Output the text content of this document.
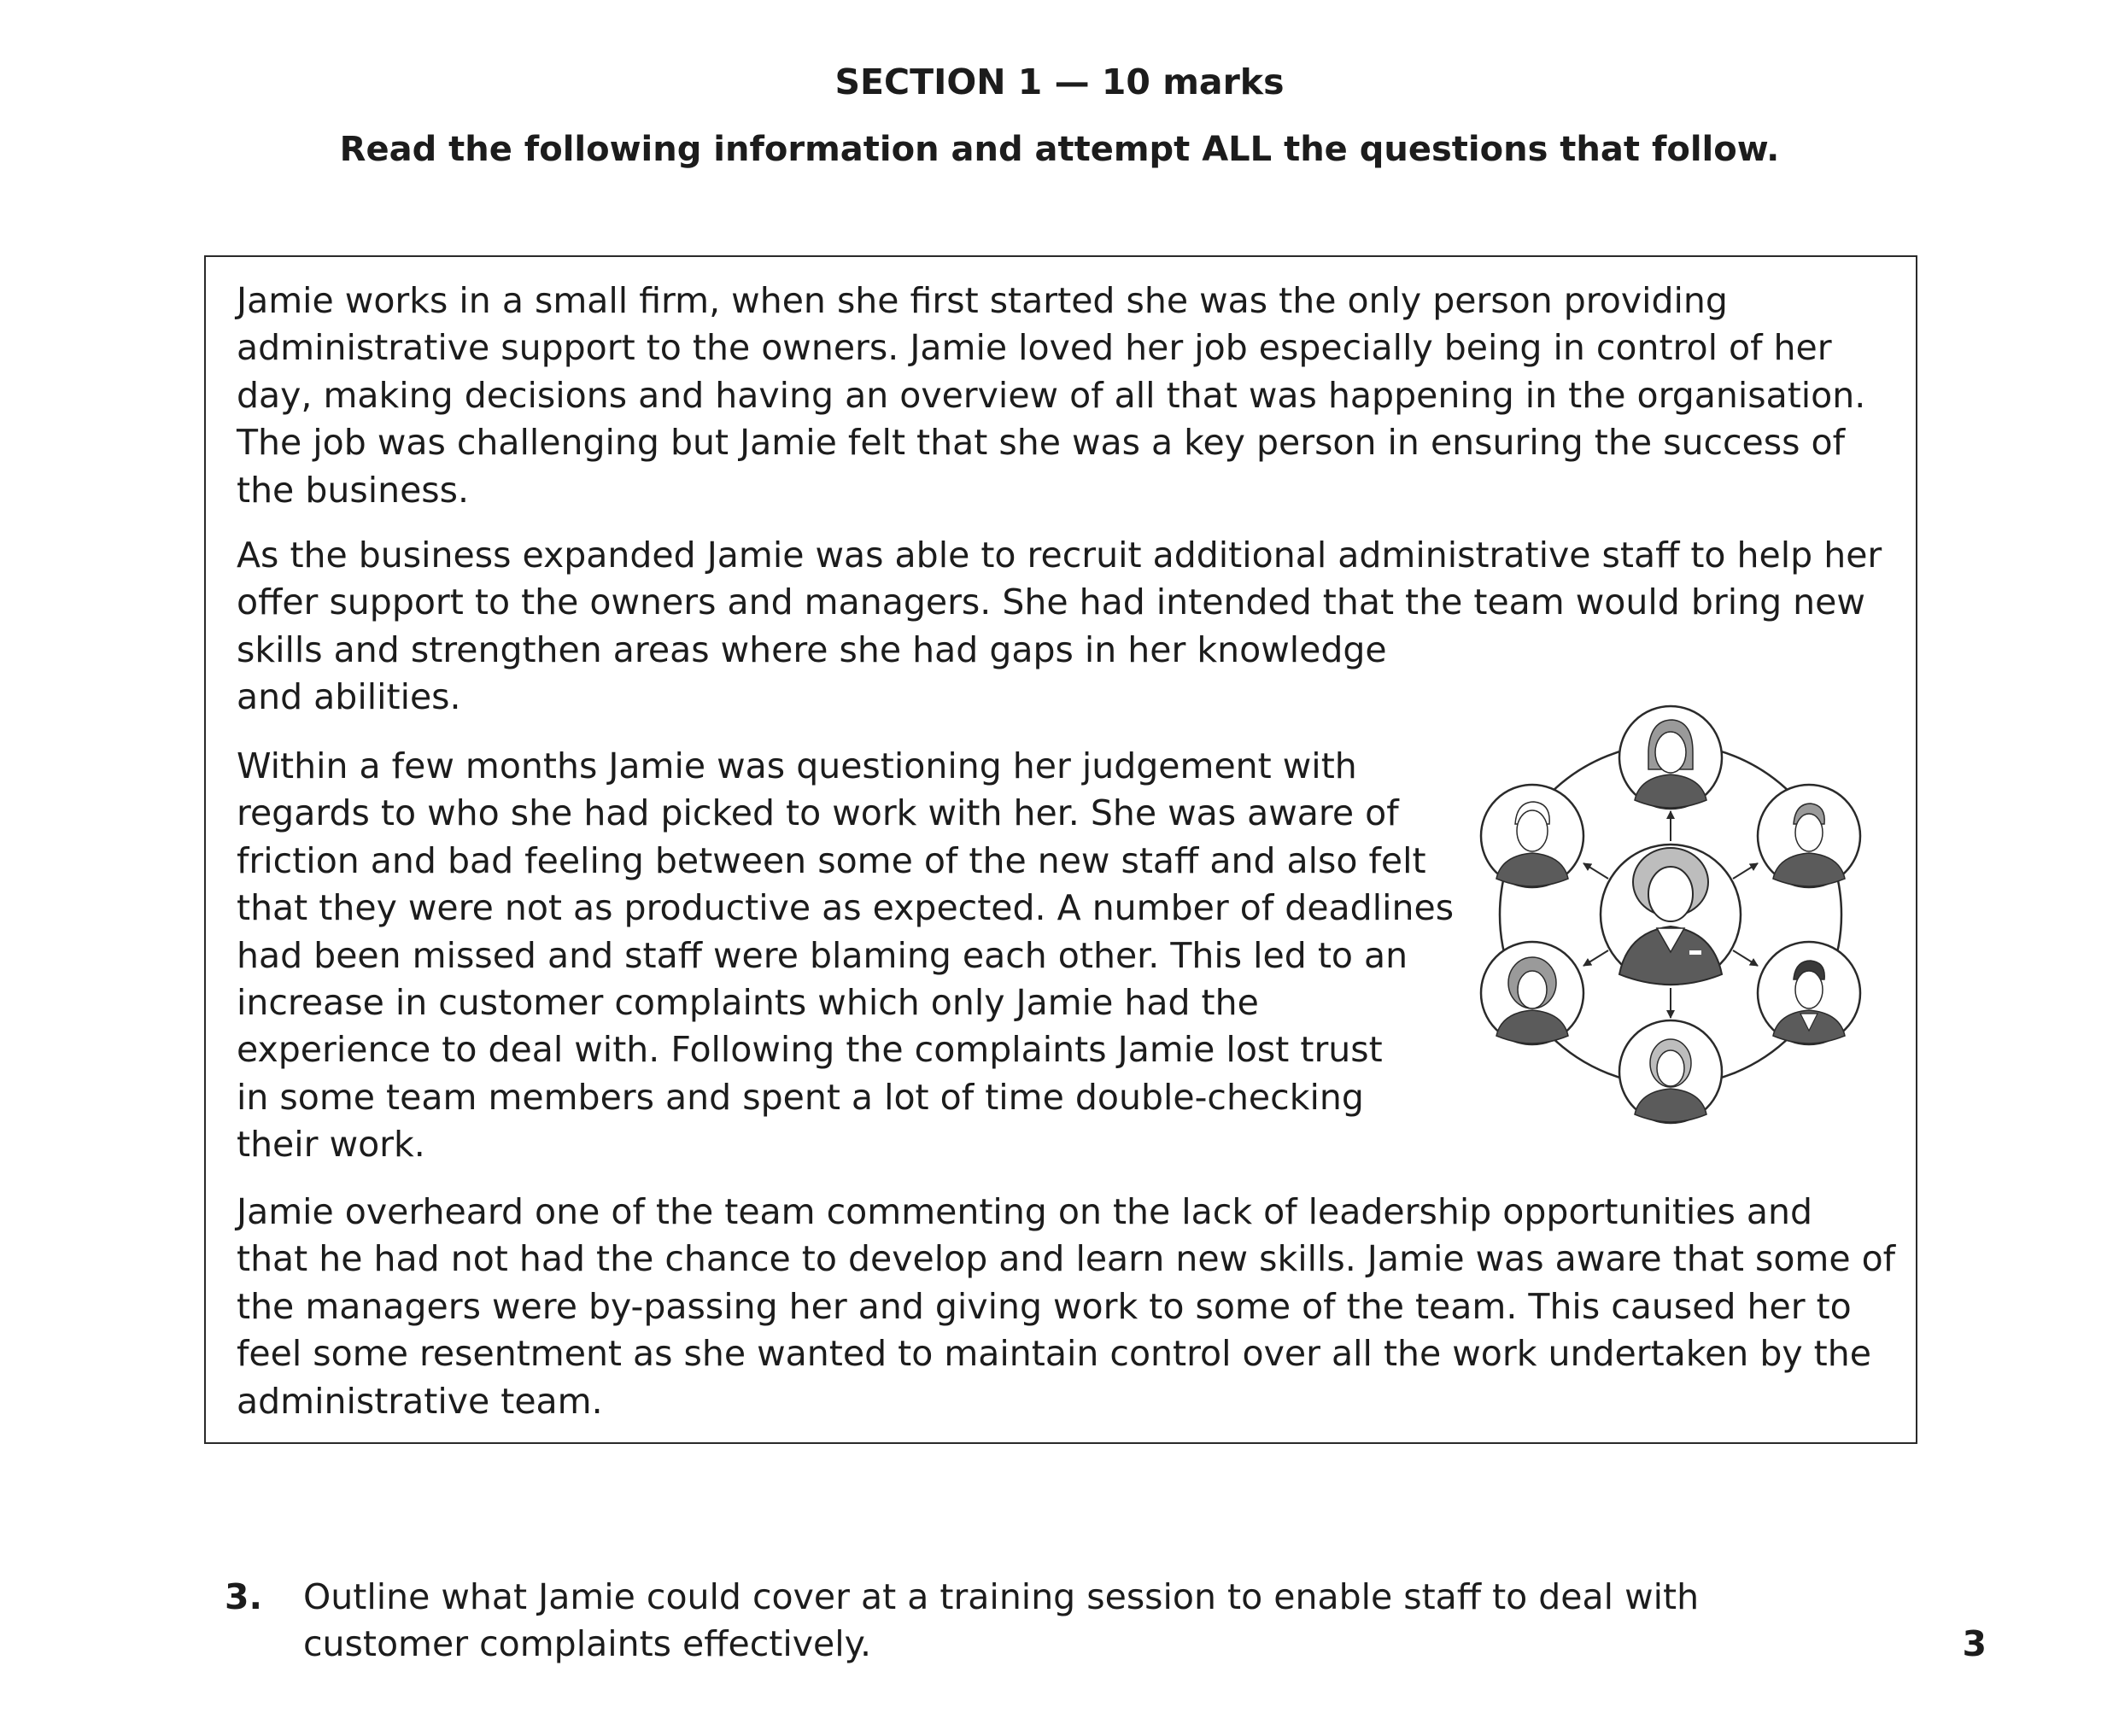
SECTION 1 — 10 marks
Read the following information and attempt ALL the questions that follow.
Jamie works in a small firm, when she first started she was the only person providing
administrative support to the owners. Jamie loved her job especially being in control of her
day, making decisions and having an overview of all that was happening in the organisation.
The job was challenging but Jamie felt that she was a key person in ensuring the success of
the business.
As the business expanded Jamie was able to recruit additional administrative staff to help her
offer support to the owners and managers. She had intended that the team would bring new
skills and strengthen areas where she had gaps in her knowledge
and abilities.
Within a few months Jamie was questioning her judgement with
regards to who she had picked to work with her. She was aware of
friction and bad feeling between some of the new staff and also felt
that they were not as productive as expected. A number of deadlines
had been missed and staff were blaming each other. This led to an
increase in customer complaints which only Jamie had the
experience to deal with. Following the complaints Jamie lost trust
in some team members and spent a lot of time double-checking
their work.
Jamie overheard one of the team commenting on the lack of leadership opportunities and
that he had not had the chance to develop and learn new skills. Jamie was aware that some of
the managers were by-passing her and giving work to some of the team. This caused her to
feel some resentment as she wanted to maintain control over all the work undertaken by the
administrative team.
3. Outline what Jamie could cover at a training session to enable staff to deal with
customer complaints effectively.	3
